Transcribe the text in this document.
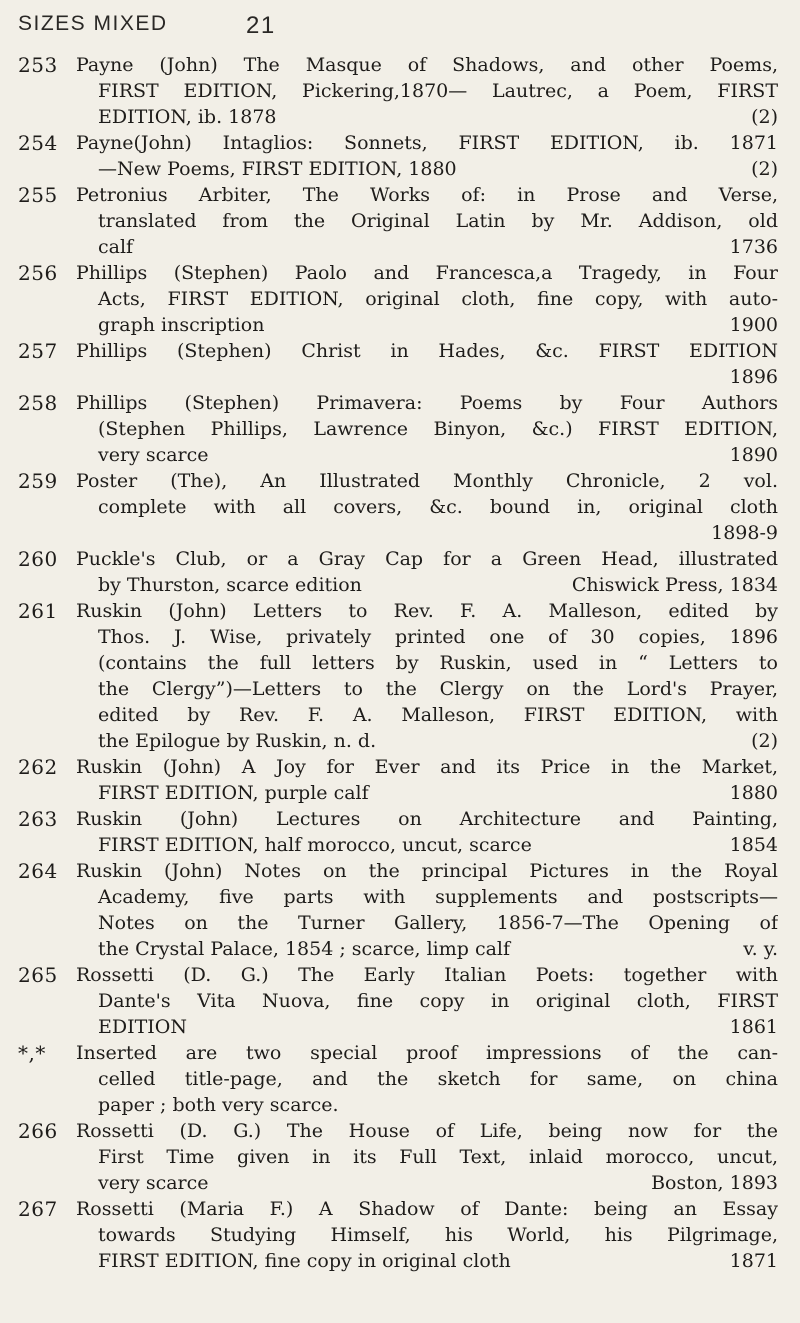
SIZES MIXED	21
253 Payne (John) The Masque of Shadows, and other Poems,
FIRST EDITION, Pickering,1870— Lautrec, a Poem, FIRST
(2)
EDITION, ib. 1878
254 Payne(John) Intaglios: Sonnets, FIRST EDITION, ib. 1871
(2)
—New Poems, FIRST EDITION, 1880
255 Petronius Arbiter, The Works of: in Prose and Verse,
translated from the Original Latin by Mr. Addison, old
1736
calf
256 Phillips (Stephen) Paolo and Francesca,a Tragedy, in Four
Acts, FIRST EDITION, original cloth, fine copy, with auto-
1900
graph inscription
257 Phillips (Stephen) Christ in Hades, &c. FIRST EDITION
1896
258 Phillips (Stephen) Primavera: Poems by Four Authors
(Stephen Phillips, Lawrence Binyon, &c.) FIRST EDITION,
1890
very scarce
259 Poster (The), An Illustrated Monthly Chronicle, 2 vol.
complete with all covers, &c. bound in, original cloth
1898-9
260 Puckle's Club, or a Gray Cap for a Green Head, illustrated
Chiswick Press, 1834
by Thurston, scarce edition
261 Ruskin (John) Letters to Rev. F. A. Malleson, edited by
Thos. J. Wise, privately printed one of 30 copies, 1896
(contains the full letters by Ruskin, used in “ Letters to
the Clergy”)—Letters to the Clergy on the Lord's Prayer,
edited by Rev. F. A. Malleson, FIRST EDITION, with
(2)
the Epilogue by Ruskin, n. d.
262 Ruskin (John) A Joy for Ever and its Price in the Market,
1880
FIRST EDITION, purple calf
263 Ruskin (John) Lectures on Architecture and Painting,
1854
FIRST EDITION, half morocco, uncut, scarce
264 Ruskin (John) Notes on the principal Pictures in the Royal
Academy, five parts with supplements and postscripts—
Notes on the Turner Gallery, 1856-7—The Opening of
v. y.
the Crystal Palace, 1854 ; scarce, limp calf
265 Rossetti (D. G.) The Early Italian Poets: together with
Dante's Vita Nuova, fine copy in original cloth, FIRST
1861
EDITION
*,*	Inserted are two special proof impressions of the can-
celled title-page, and the sketch for same, on china
paper ; both very scarce.
266 Rossetti (D. G.) The House of Life, being now for the
First Time given in its Full Text, inlaid morocco, uncut,
Boston, 1893
very scarce
267 Rossetti (Maria F.) A Shadow of Dante: being an Essay
towards Studying Himself, his World, his Pilgrimage,
1871
FIRST EDITION, fine copy in original cloth
